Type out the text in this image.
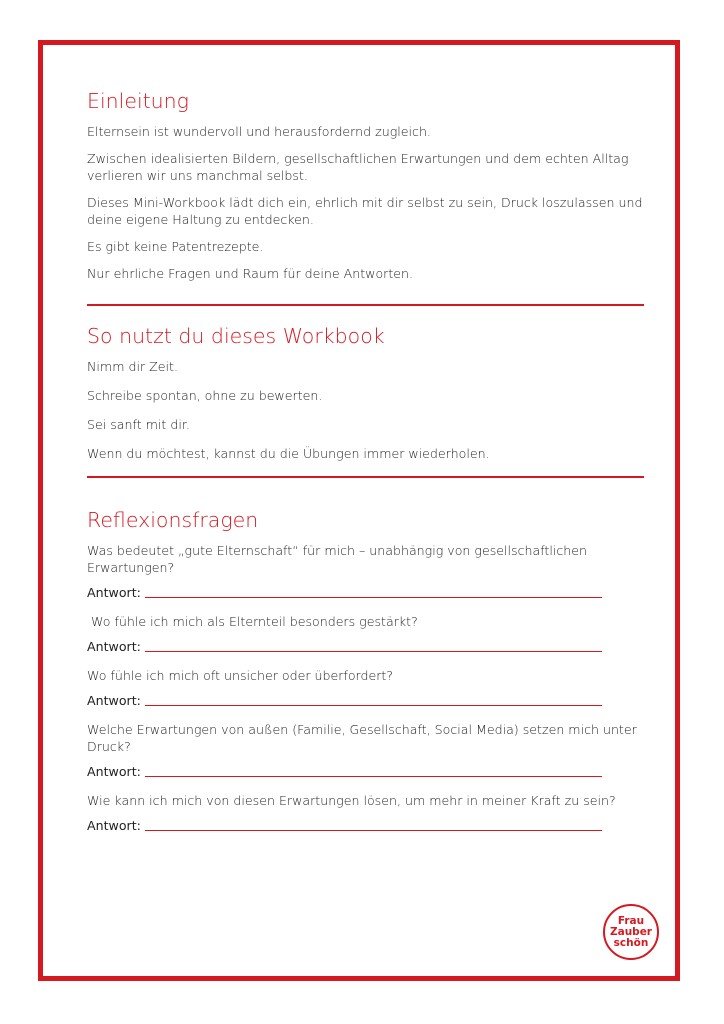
Einleitung

Elternsein ist wundervoll und herausfordernd zugleich.

Zwischen idealisierten Bildern, gesellschaftlichen Erwartungen und dem echten Alltag verlieren wir uns manchmal selbst.

Dieses Mini-Workbook lädt dich ein, ehrlich mit dir selbst zu sein, Druck loszulassen und deine eigene Haltung zu entdecken.

Es gibt keine Patentrezepte.

Nur ehrliche Fragen und Raum für deine Antworten.

So nutzt du dieses Workbook

Nimm dir Zeit.

Schreibe spontan, ohne zu bewerten.

Sei sanft mit dir.

Wenn du möchtest, kannst du die Übungen immer wiederholen.

Reflexionsfragen

Was bedeutet „gute Elternschaft“ für mich – unabhängig von gesellschaftlichen Erwartungen?

Antwort:

Wo fühle ich mich als Elternteil besonders gestärkt?

Antwort:

Wo fühle ich mich oft unsicher oder überfordert?

Antwort:

Welche Erwartungen von außen (Familie, Gesellschaft, Social Media) setzen mich unter Druck?

Antwort:

Wie kann ich mich von diesen Erwartungen lösen, um mehr in meiner Kraft zu sein?

Antwort:
Frau
Zauber
schön
